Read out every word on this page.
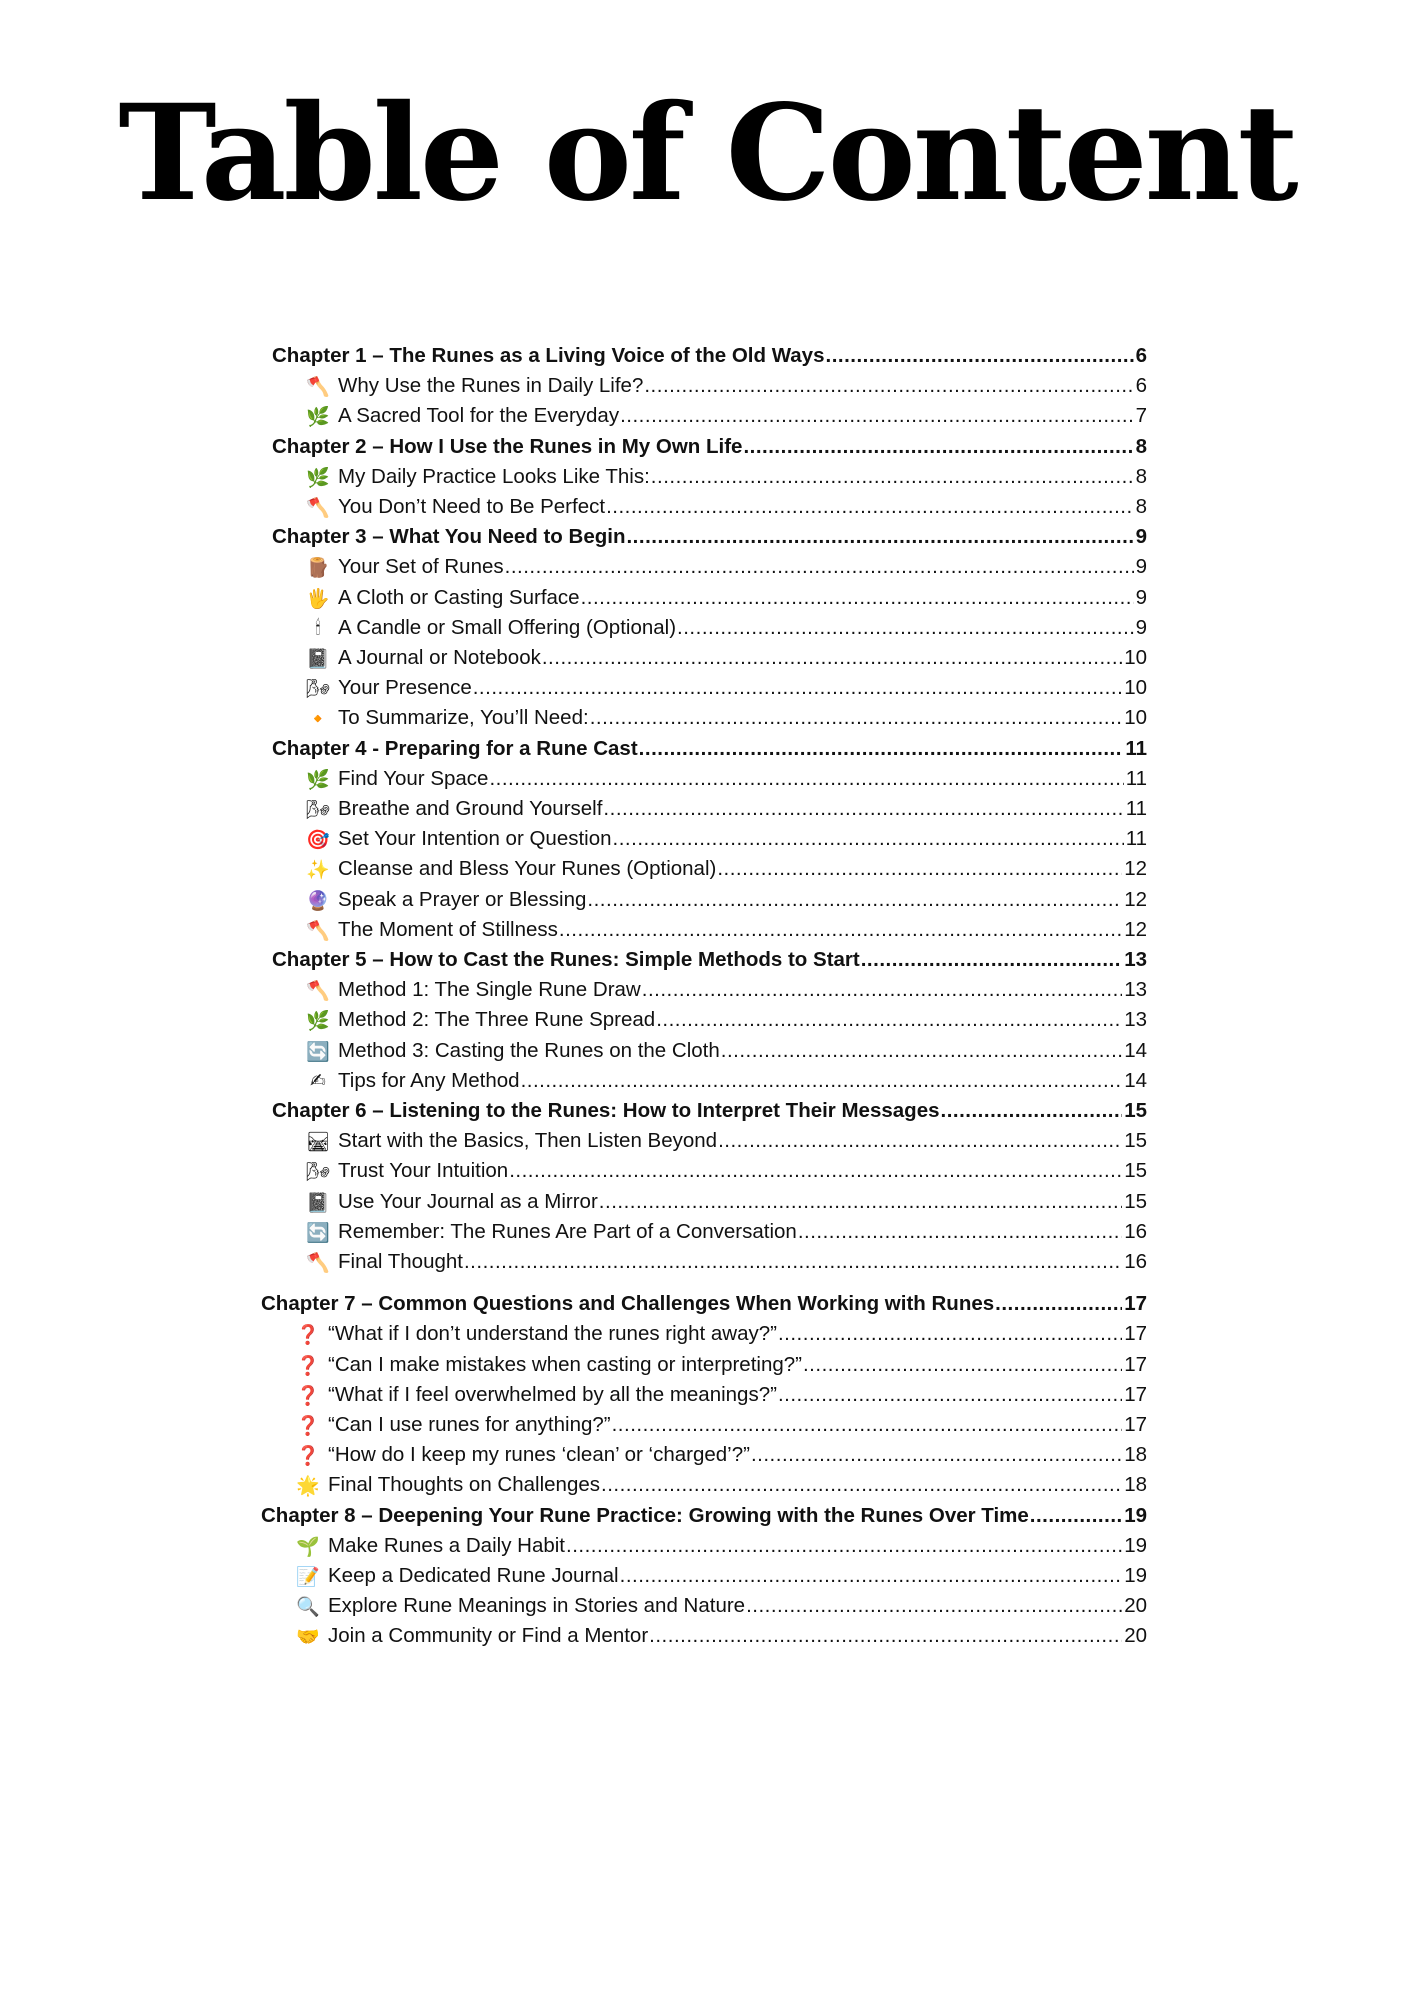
Table of Content
Chapter 1 – The Runes as a Living Voice of the Old Ways .....	6
🪓 Why Use the Runes in Daily Life? .....	6
🌿 A Sacred Tool for the Everyday .....	7
Chapter 2 – How I Use the Runes in My Own Life .....	8
🌿 My Daily Practice Looks Like This: .....	8
🪓 You Don’t Need to Be Perfect .....	8
Chapter 3 – What You Need to Begin .....	9
🪵 Your Set of Runes .....	9
🖐 A Cloth or Casting Surface .....	9
🕯 A Candle or Small Offering (Optional) .....	9
📓 A Journal or Notebook .....	10
🌬 Your Presence .....	10
🔸 To Summarize, You’ll Need: .....	10
Chapter 4 - Preparing for a Rune Cast .....	11
🌿 Find Your Space .....	11
🌬 Breathe and Ground Yourself .....	11
🎯 Set Your Intention or Question .....	11
✨ Cleanse and Bless Your Runes (Optional) .....	12
🔮 Speak a Prayer or Blessing .....	12
🪓 The Moment of Stillness .....	12
Chapter 5 – How to Cast the Runes: Simple Methods to Start .....	13
🪓 Method 1: The Single Rune Draw .....	13
🌿 Method 2: The Three Rune Spread .....	13
🔄 Method 3: Casting the Runes on the Cloth .....	14
✍ Tips for Any Method .....	14
Chapter 6 – Listening to the Runes: How to Interpret Their Messages .....	15
🛤 Start with the Basics, Then Listen Beyond .....	15
🌬 Trust Your Intuition .....	15
📓 Use Your Journal as a Mirror .....	15
🔄 Remember: The Runes Are Part of a Conversation .....	16
🪓 Final Thought .....	16
Chapter 7 – Common Questions and Challenges When Working with Runes .....	17
❓ “What if I don’t understand the runes right away?” .....	17
❓ “Can I make mistakes when casting or interpreting?” .....	17
❓ “What if I feel overwhelmed by all the meanings?” .....	17
❓ “Can I use runes for anything?” .....	17
❓ “How do I keep my runes ‘clean’ or ‘charged’?” .....	18
🌟 Final Thoughts on Challenges .....	18
Chapter 8 – Deepening Your Rune Practice: Growing with the Runes Over Time .....	19
🌱 Make Runes a Daily Habit .....	19
📝 Keep a Dedicated Rune Journal .....	19
🔍 Explore Rune Meanings in Stories and Nature .....	20
🤝 Join a Community or Find a Mentor .....	20
